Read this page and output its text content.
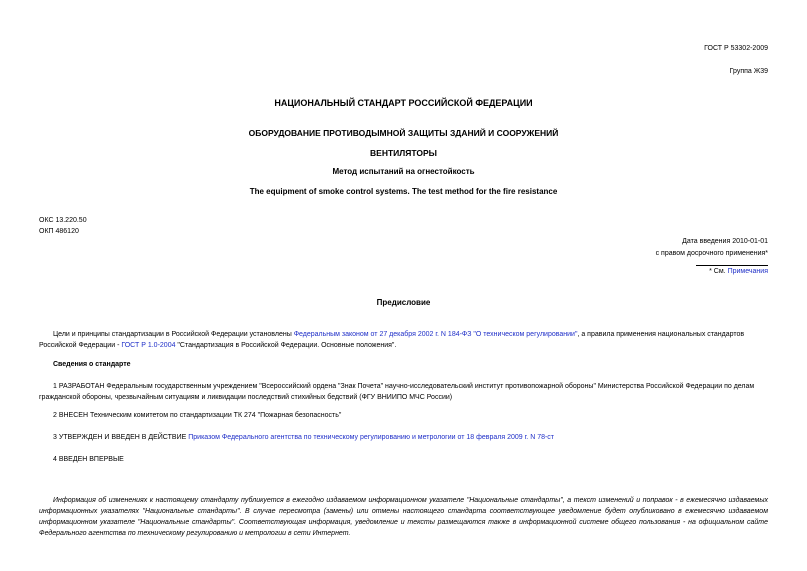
ГОСТ Р 53302-2009
Группа Ж39
НАЦИОНАЛЬНЫЙ СТАНДАРТ РОССИЙСКОЙ ФЕДЕРАЦИИ
ОБОРУДОВАНИЕ ПРОТИВОДЫМНОЙ ЗАЩИТЫ ЗДАНИЙ И СООРУЖЕНИЙ
ВЕНТИЛЯТОРЫ
Метод испытаний на огнестойкость
The equipment of smoke control systems. The test method for the fire resistance
ОКС 13.220.50
ОКП 486120
Дата введения 2010-01-01
с правом досрочного применения*
* См. Примечания
Предисловие
Цели и принципы стандартизации в Российской Федерации установлены Федеральным законом от 27 декабря 2002 г. N 184-ФЗ "О техническом регулировании", а правила применения национальных стандартов Российской Федерации - ГОСТ Р 1.0-2004 "Стандартизация в Российской Федерации. Основные положения".
Сведения о стандарте
1 РАЗРАБОТАН Федеральным государственным учреждением "Всероссийский ордена "Знак Почета" научно-исследовательский институт противопожарной обороны" Министерства Российской Федерации по делам гражданской обороны, чрезвычайным ситуациям и ликвидации последствий стихийных бедствий (ФГУ ВНИИПО МЧС России)
2 ВНЕСЕН Техническим комитетом по стандартизации ТК 274 "Пожарная безопасность"
3 УТВЕРЖДЕН И ВВЕДЕН В ДЕЙСТВИЕ Приказом Федерального агентства по техническому регулированию и метрологии от 18 февраля 2009 г. N 78-ст
4 ВВЕДЕН ВПЕРВЫЕ
Информация об изменениях к настоящему стандарту публикуется в ежегодно издаваемом информационном указателе "Национальные стандарты", а текст изменений и поправок - в ежемесячно издаваемых информационных указателях "Национальные стандарты". В случае пересмотра (замены) или отмены настоящего стандарта соответствующее уведомление будет опубликовано в ежемесячно издаваемом информационном указателе "Национальные стандарты". Соответствующая информация, уведомление и тексты размещаются также в информационной системе общего пользования - на официальном сайте Федерального агентства по техническому регулированию и метрологии в сети Интернет.
